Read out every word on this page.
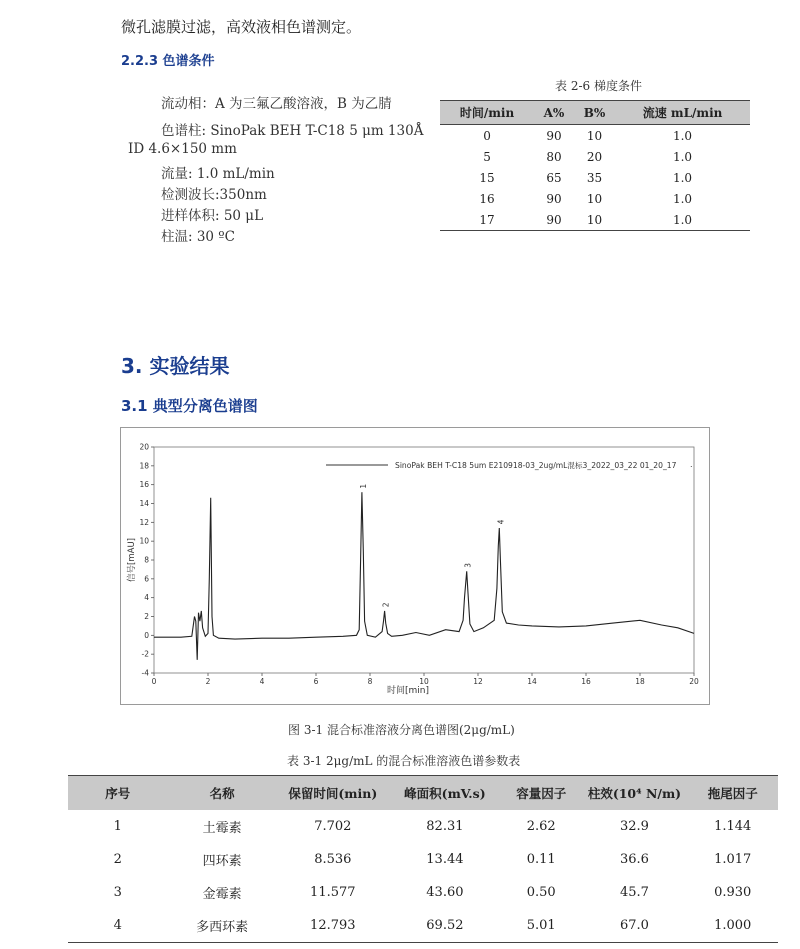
微孔滤膜过滤，高效液相色谱测定。
2.2.3 色谱条件
流动相：A 为三氟乙酸溶液，B 为乙腈
色谱柱: SinoPak BEH T-C18 5 μm 130Å
ID 4.6×150 mm
流量: 1.0 mL/min
检测波长:350nm
进样体积: 50 μL
柱温: 30 ºC
表 2-6 梯度条件
时间/min	A%	B%	流速 mL/min
0	90	10	1.0
5	80	20	1.0
15	65	35	1.0
16	90	10	1.0
17	90	10	1.0
3. 实验结果
3.1 典型分离色谱图
SinoPak BEH T-C18 5um E210918-03_2ug/mL混标3_2022_03_22 01_20_17 .
-4
-2
0
2
4
6
8
10
12
14
16
18
20
0	2	4	6	8	10	12	14	16	18	20
1
2
3
4
时间[min]
信号[mAU]
图 3-1 混合标准溶液分离色谱图(2μg/mL)
表 3-1 2μg/mL 的混合标准溶液色谱参数表
序号	名称	保留时间(min)	峰面积(mV.s)	容量因子	柱效(10⁴ N/m)	拖尾因子
1	土霉素	7.702	82.31	2.62	32.9	1.144
2	四环素	8.536	13.44	0.11	36.6	1.017
3	金霉素	11.577	43.60	0.50	45.7	0.930
4	多西环素	12.793	69.52	5.01	67.0	1.000
